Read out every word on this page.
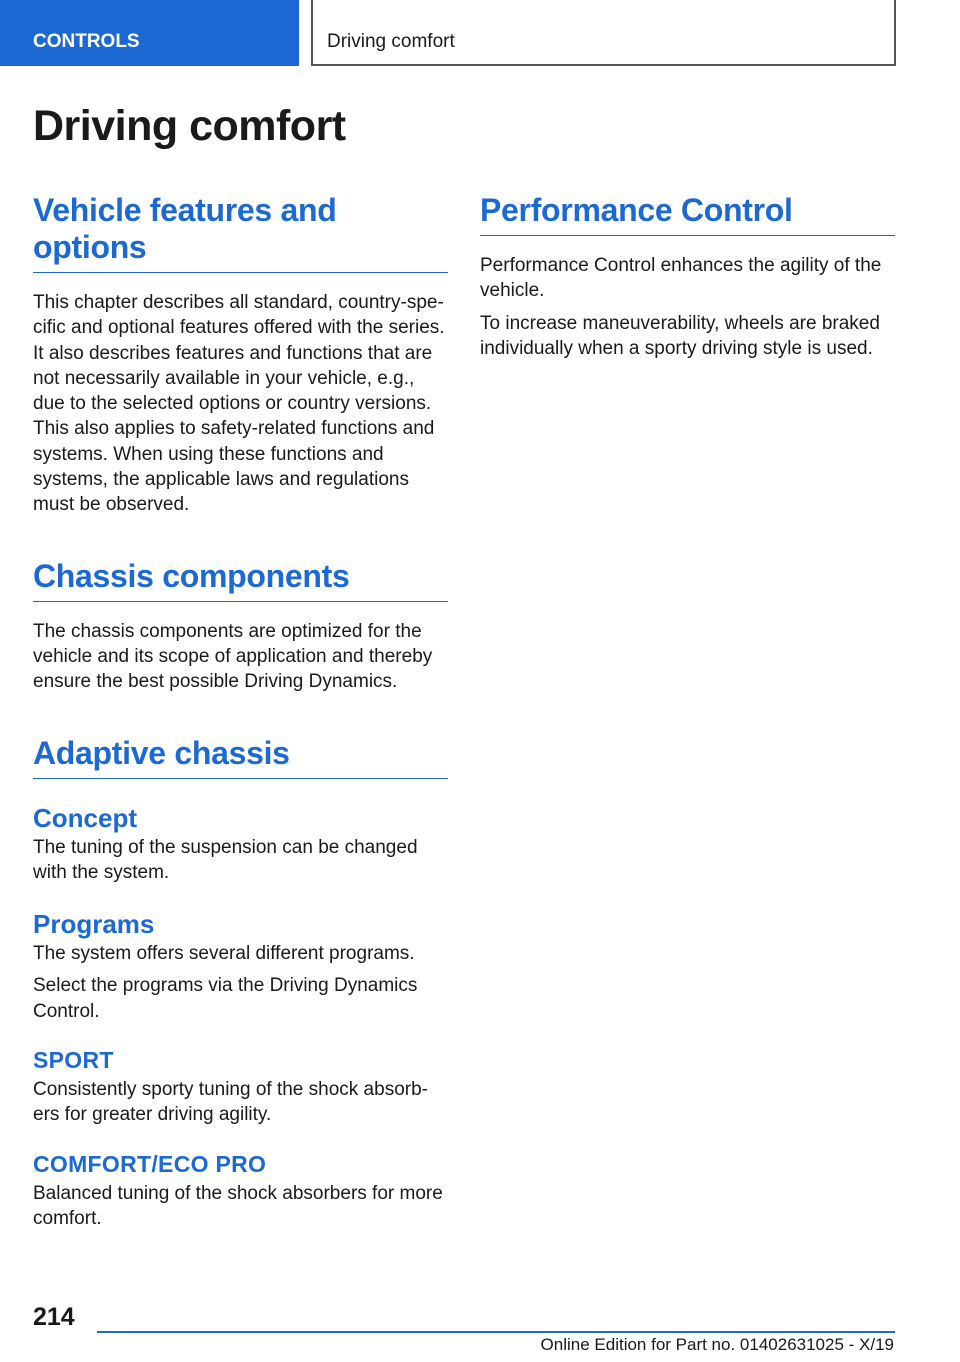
CONTROLS	Driving comfort
Driving comfort
Vehicle features and options

This chapter describes all standard, country-specific and optional features offered with the series. It also describes features and functions that are not necessarily available in your vehicle, e.g., due to the selected options or country versions. This also applies to safety-related functions and systems. When using these functions and systems, the applicable laws and regulations must be observed.

Chassis components

The chassis components are optimized for the vehicle and its scope of application and thereby ensure the best possible Driving Dynamics.

Adaptive chassis
Concept

The tuning of the suspension can be changed with the system.

Programs

The system offers several different programs.

Select the programs via the Driving Dynamics Control.

SPORT

Consistently sporty tuning of the shock absorbers for greater driving agility.

COMFORT/ECO PRO

Balanced tuning of the shock absorbers for more comfort.

Performance Control

Performance Control enhances the agility of the vehicle.

To increase maneuverability, wheels are braked individually when a sporty driving style is used.

214
Online Edition for Part no. 01402631025 - X/19
